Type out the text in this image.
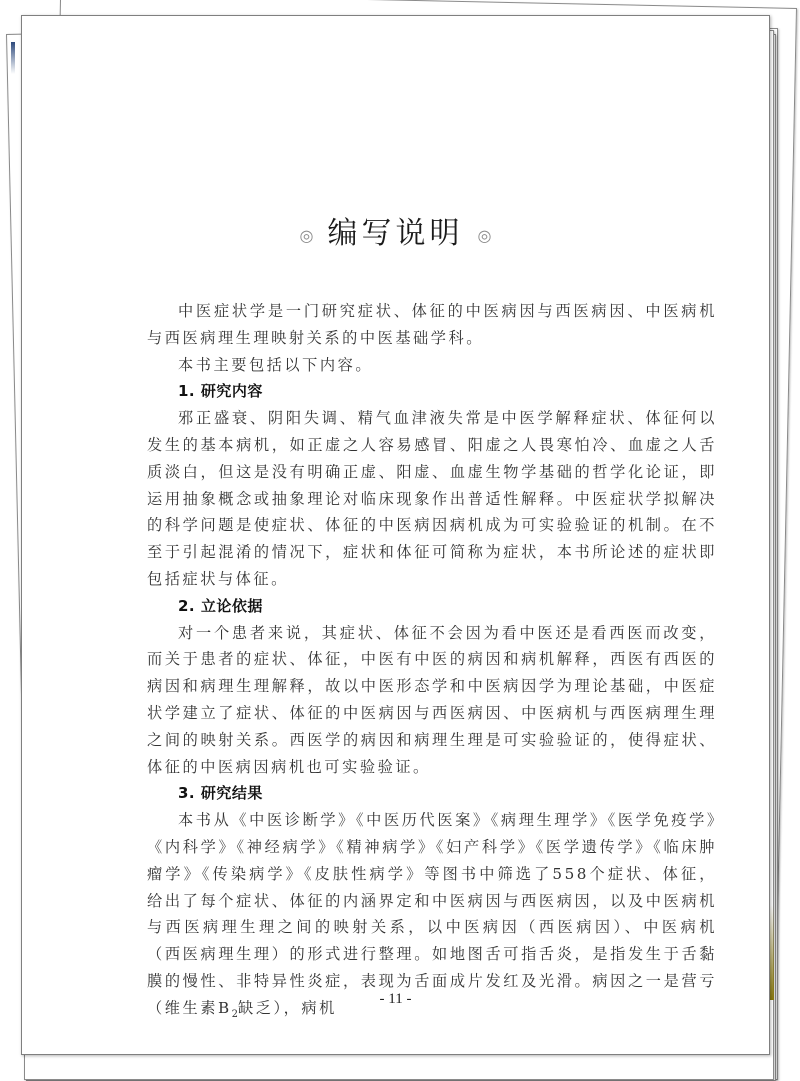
◎ 编写说明 ◎

中医症状学是一门研究症状、体征的中医病因与西医病因、中医病机与西医病理生理映射关系的中医基础学科。

本书主要包括以下内容。

1. 研究内容

邪正盛衰、阴阳失调、精气血津液失常是中医学解释症状、体征何以发生的基本病机，如正虚之人容易感冒、阳虚之人畏寒怕冷、血虚之人舌质淡白，但这是没有明确正虚、阳虚、血虚生物学基础的哲学化论证，即运用抽象概念或抽象理论对临床现象作出普适性解释。中医症状学拟解决的科学问题是使症状、体征的中医病因病机成为可实验验证的机制。在不至于引起混淆的情况下，症状和体征可简称为症状，本书所论述的症状即包括症状与体征。

2. 立论依据

对一个患者来说，其症状、体征不会因为看中医还是看西医而改变，而关于患者的症状、体征，中医有中医的病因和病机解释，西医有西医的病因和病理生理解释，故以中医形态学和中医病因学为理论基础，中医症状学建立了症状、体征的中医病因与西医病因、中医病机与西医病理生理之间的映射关系。西医学的病因和病理生理是可实验验证的，使得症状、体征的中医病因病机也可实验验证。

3. 研究结果

本书从《中医诊断学》《中医历代医案》《病理生理学》《医学免疫学》《内科学》《神经病学》《精神病学》《妇产科学》《医学遗传学》《临床肿瘤学》《传染病学》《皮肤性病学》等图书中筛选了558个症状、体征，给出了每个症状、体征的内涵界定和中医病因与西医病因，以及中医病机与西医病理生理之间的映射关系，以中医病因（西医病因）、中医病机（西医病理生理）的形式进行整理。如地图舌可指舌炎，是指发生于舌黏膜的慢性、非特异性炎症，表现为舌面成片发红及光滑。病因之一是营亏（维生素$B_2$缺乏），病机	- 11 -
